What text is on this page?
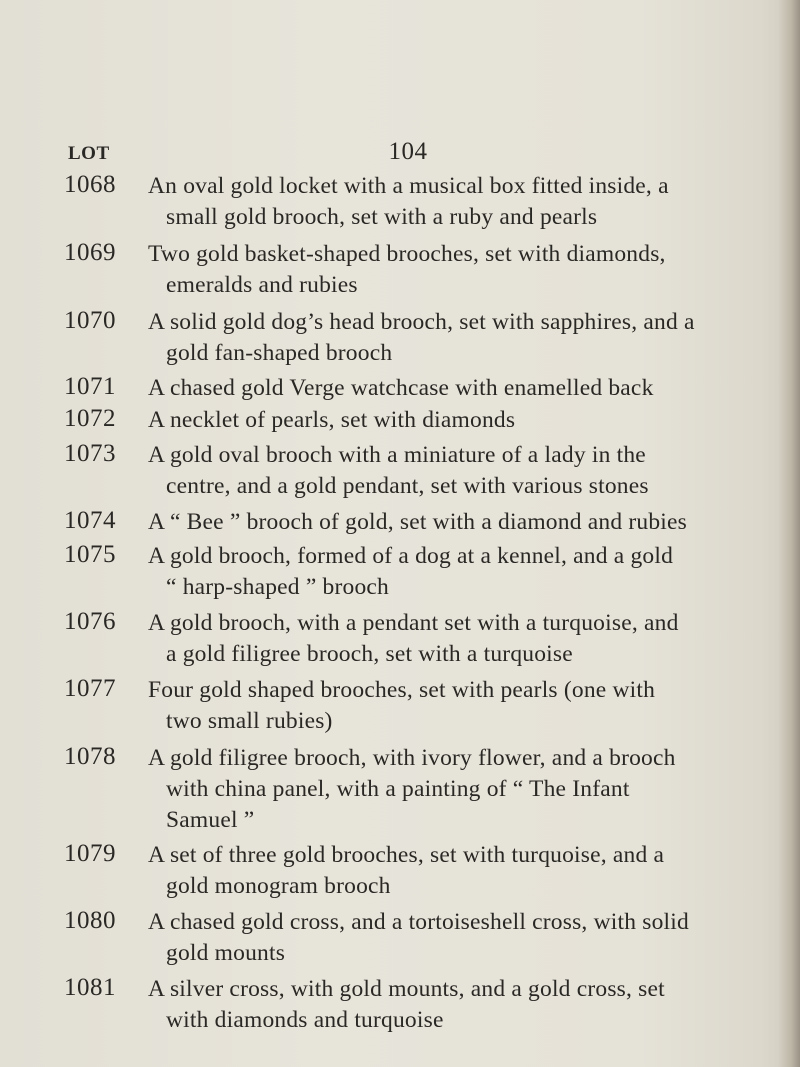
104
LOT
1068	An oval gold locket with a musical box fitted inside, a
small gold brooch, set with a ruby and pearls
1069	Two gold basket-shaped brooches, set with diamonds,
emeralds and rubies
1070	A solid gold dog’s head brooch, set with sapphires, and a
gold fan-shaped brooch
1071	A chased gold Verge watchcase with enamelled back
1072	A necklet of pearls, set with diamonds
1073	A gold oval brooch with a miniature of a lady in the
centre, and a gold pendant, set with various stones
1074	A “ Bee ” brooch of gold, set with a diamond and rubies
1075	A gold brooch, formed of a dog at a kennel, and a gold
“ harp-shaped ” brooch
1076	A gold brooch, with a pendant set with a turquoise, and
a gold filigree brooch, set with a turquoise
1077	Four gold shaped brooches, set with pearls (one with
two small rubies)
1078	A gold filigree brooch, with ivory flower, and a brooch
with china panel, with a painting of “ The Infant
Samuel ”
1079	A set of three gold brooches, set with turquoise, and a
gold monogram brooch
1080	A chased gold cross, and a tortoiseshell cross, with solid
gold mounts
1081	A silver cross, with gold mounts, and a gold cross, set
with diamonds and turquoise
